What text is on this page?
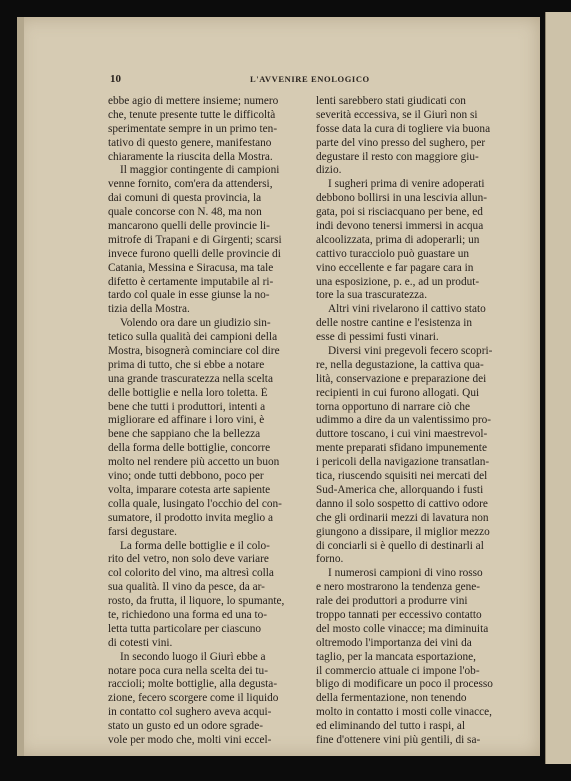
10	L'AVVENIRE ENOLOGICO
ebbe agio di mettere insieme; numero
che, tenute presente tutte le difficoltà
sperimentate sempre in un primo ten-
tativo di questo genere, manifestano
chiaramente la riuscita della Mostra.
Il maggior contingente di campioni
venne fornito, com'era da attendersi,
dai comuni di questa provincia, la
quale concorse con N. 48, ma non
mancarono quelli delle provincie li-
mitrofe di Trapani e di Girgenti; scarsi
invece furono quelli delle provincie di
Catania, Messina e Siracusa, ma tale
difetto è certamente imputabile al ri-
tardo col quale in esse giunse la no-
tizia della Mostra.
Volendo ora dare un giudizio sin-
tetico sulla qualità dei campioni della
Mostra, bisognerà cominciare col dire
prima di tutto, che si ebbe a notare
una grande trascuratezza nella scelta
delle bottiglie e nella loro toletta. È
bene che tutti i produttori, intenti a
migliorare ed affinare i loro vini, è
bene che sappiano che la bellezza
della forma delle bottiglie, concorre
molto nel rendere più accetto un buon
vino; onde tutti debbono, poco per
volta, imparare cotesta arte sapiente
colla quale, lusingato l'occhio del con-
sumatore, il prodotto invita meglio a
farsi degustare.
La forma delle bottiglie e il colo-
rito del vetro, non solo deve variare
col colorito del vino, ma altresì colla
sua qualità. Il vino da pesce, da ar-
rosto, da frutta, il liquore, lo spumante,
te, richiedono una forma ed una to-
letta tutta particolare per ciascuno
di cotesti vini.
In secondo luogo il Giurì ebbe a
notare poca cura nella scelta dei tu-
raccioli; molte bottiglie, alla degusta-
zione, fecero scorgere come il liquido
in contatto col sughero aveva acqui-
stato un gusto ed un odore sgrade-
vole per modo che, molti vini eccel-
lenti sarebbero stati giudicati con
severità eccessiva, se il Giurì non si
fosse data la cura di togliere via buona
parte del vino presso del sughero, per
degustare il resto con maggiore giu-
dizio.
I sugheri prima di venire adoperati
debbono bollirsi in una lescivia allun-
gata, poi si risciacquano per bene, ed
indi devono tenersi immersi in acqua
alcoolizzata, prima di adoperarli; un
cattivo turacciolo può guastare un
vino eccellente e far pagare cara in
una esposizione, p. e., ad un produt-
tore la sua trascuratezza.
Altri vini rivelarono il cattivo stato
delle nostre cantine e l'esistenza in
esse di pessimi fusti vinari.
Diversi vini pregevoli fecero scopri-
re, nella degustazione, la cattiva qua-
lità, conservazione e preparazione dei
recipienti in cui furono allogati. Qui
torna opportuno di narrare ciò che
udimmo a dire da un valentissimo pro-
duttore toscano, i cui vini maestrevol-
mente preparati sfidano impunemente
i pericoli della navigazione transatlan-
tica, riuscendo squisiti nei mercati del
Sud-America che, allorquando i fusti
danno il solo sospetto di cattivo odore
che gli ordinarii mezzi di lavatura non
giungono a dissipare, il miglior mezzo
di conciarli si è quello di destinarli al
forno.
I numerosi campioni di vino rosso
e nero mostrarono la tendenza gene-
rale dei produttori a produrre vini
troppo tannati per eccessivo contatto
del mosto colle vinacce; ma diminuita
oltremodo l'importanza dei vini da
taglio, per la mancata esportazione,
il commercio attuale ci impone l'ob-
bligo di modificare un poco il processo
della fermentazione, non tenendo
molto in contatto i mosti colle vinacce,
ed eliminando del tutto i raspi, al
fine d'ottenere vini più gentili, di sa-
